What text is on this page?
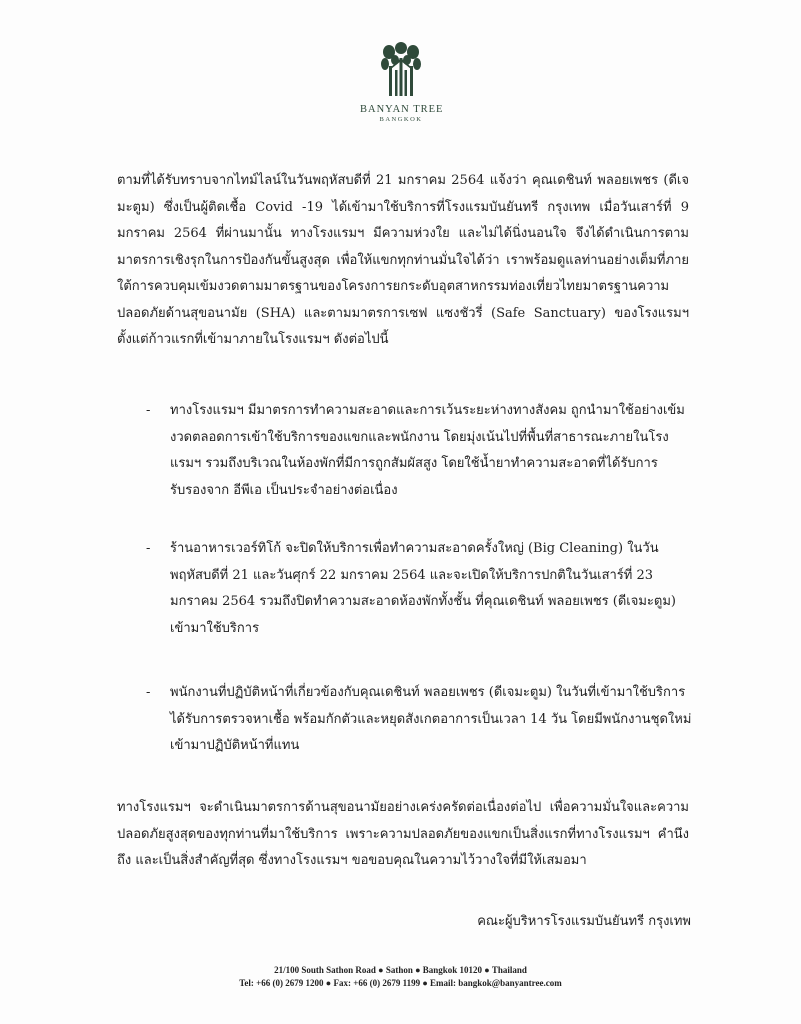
BANYAN TREE
BANGKOK
ตามที่ได้รับทราบจากไทม์ไลน์ในวันพฤหัสบดีที่ 21 มกราคม 2564 แจ้งว่า คุณเดชินท์ พลอยเพชร (ดีเจมะตูม) ซึ่งเป็นผู้ติดเชื้อ Covid -19 ได้เข้ามาใช้บริการที่โรงแรมบันยันทรี กรุงเทพ เมื่อวันเสาร์ที่ 9 มกราคม 2564 ที่ผ่านมานั้น ทางโรงแรมฯ มีความห่วงใย และไม่ได้นิ่งนอนใจ จึงได้ดำเนินการตามมาตรการเชิงรุกในการป้องกันขั้นสูงสุด เพื่อให้แขกทุกท่านมั่นใจได้ว่า เราพร้อมดูแลท่านอย่างเต็มที่ภายใต้การควบคุมเข้มงวดตามมาตรฐานของโครงการยกระดับอุตสาหกรรมท่องเที่ยวไทยมาตรฐานความปลอดภัยด้านสุขอนามัย (SHA) และตามมาตรการเซฟ แซงชัวรี่ (Safe Sanctuary) ของโรงแรมฯ ตั้งแต่ก้าวแรกที่เข้ามาภายในโรงแรมฯ ดังต่อไปนี้
- ทางโรงแรมฯ มีมาตรการทำความสะอาดและการเว้นระยะห่างทางสังคม ถูกนำมาใช้อย่างเข้มงวดตลอดการเข้าใช้บริการของแขกและพนักงาน โดยมุ่งเน้นไปที่พื้นที่สาธารณะภายในโรงแรมฯ รวมถึงบริเวณในห้องพักที่มีการถูกสัมผัสสูง โดยใช้น้ำยาทำความสะอาดที่ได้รับการรับรองจาก อีพีเอ เป็นประจำอย่างต่อเนื่อง
- ร้านอาหารเวอร์ทิโก้ จะปิดให้บริการเพื่อทำความสะอาดครั้งใหญ่ (Big Cleaning) ในวันพฤหัสบดีที่ 21 และวันศุกร์ 22 มกราคม 2564 และจะเปิดให้บริการปกติในวันเสาร์ที่ 23 มกราคม 2564 รวมถึงปิดทำความสะอาดห้องพักทั้งชั้น ที่คุณเดชินท์ พลอยเพชร (ดีเจมะตูม) เข้ามาใช้บริการ
- พนักงานที่ปฏิบัติหน้าที่เกี่ยวข้องกับคุณเดชินท์ พลอยเพชร (ดีเจมะตูม) ในวันที่เข้ามาใช้บริการ ได้รับการตรวจหาเชื้อ พร้อมกักตัวและหยุดสังเกตอาการเป็นเวลา 14 วัน โดยมีพนักงานชุดใหม่เข้ามาปฏิบัติหน้าที่แทน
ทางโรงแรมฯ จะดำเนินมาตรการด้านสุขอนามัยอย่างเคร่งครัดต่อเนื่องต่อไป เพื่อความมั่นใจและความปลอดภัยสูงสุดของทุกท่านที่มาใช้บริการ เพราะความปลอดภัยของแขกเป็นสิ่งแรกที่ทางโรงแรมฯ คำนึงถึง และเป็นสิ่งสำคัญที่สุด ซึ่งทางโรงแรมฯ ขอขอบคุณในความไว้วางใจที่มีให้เสมอมา
คณะผู้บริหารโรงแรมบันยันทรี กรุงเทพ
21/100 South Sathon Road ● Sathon ● Bangkok 10120 ● Thailand
Tel: +66 (0) 2679 1200 ● Fax: +66 (0) 2679 1199 ● Email: bangkok@banyantree.com
